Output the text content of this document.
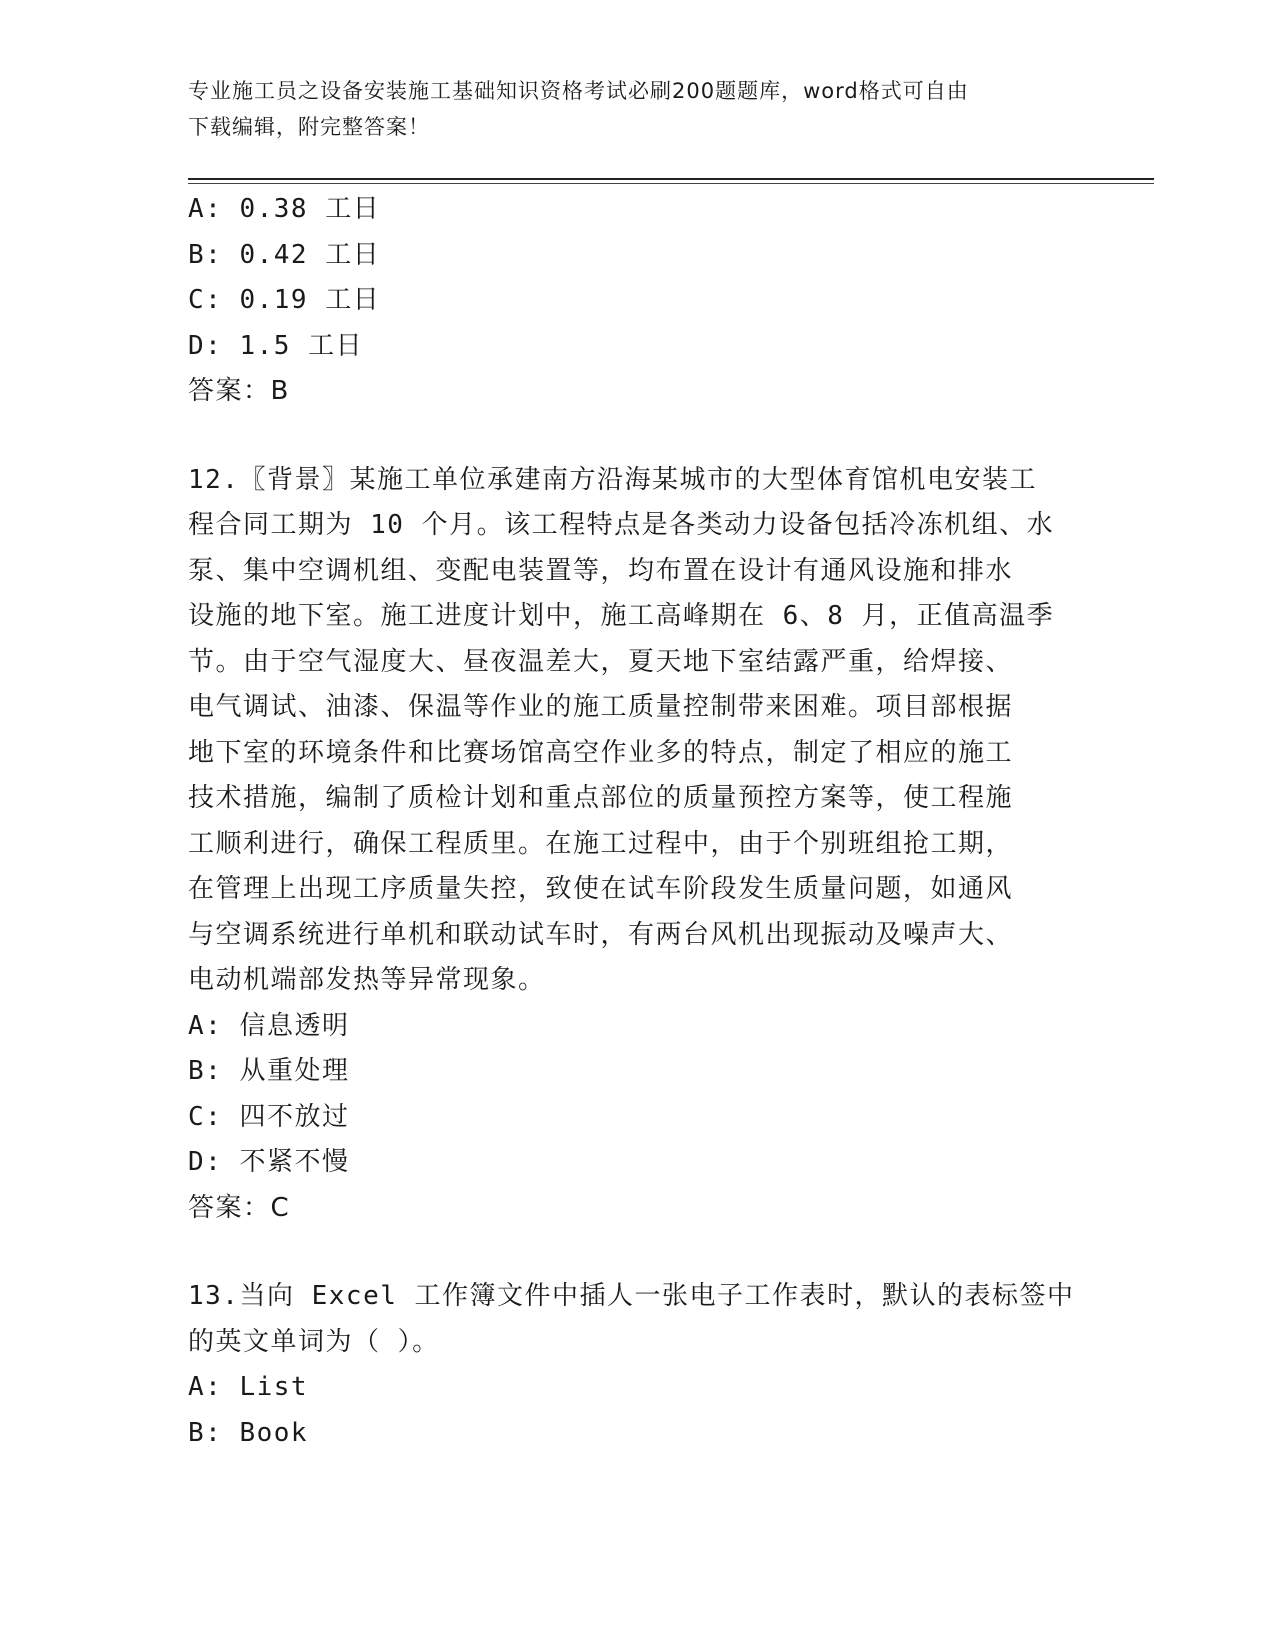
专业施工员之设备安装施工基础知识资格考试必刷200题题库，word格式可自由
下载编辑，附完整答案！
A: 0.38 工日
B: 0.42 工日
C: 0.19 工日
D: 1.5 工日
答案：B
12.〖背景〗某施工单位承建南方沿海某城市的大型体育馆机电安装工
程合同工期为 10 个月。该工程特点是各类动力设备包括冷冻机组、水
泵、集中空调机组、变配电装置等，均布置在设计有通风设施和排水
设施的地下室。施工进度计划中，施工高峰期在 6、8 月，正值高温季
节。由于空气湿度大、昼夜温差大，夏天地下室结露严重，给焊接、
电气调试、油漆、保温等作业的施工质量控制带来困难。项目部根据
地下室的环境条件和比赛场馆高空作业多的特点，制定了相应的施工
技术措施，编制了质检计划和重点部位的质量预控方案等，使工程施
工顺利进行，确保工程质里。在施工过程中，由于个别班组抢工期，
在管理上出现工序质量失控，致使在试车阶段发生质量问题，如通风
与空调系统进行单机和联动试车时，有两台风机出现振动及噪声大、
电动机端部发热等异常现象。
A: 信息透明
B: 从重处理
C: 四不放过
D: 不紧不慢
答案：C
13.当向 Excel 工作簿文件中插人一张电子工作表时，默认的表标签中
的英文单词为（ ）。
A: List
B: Book
